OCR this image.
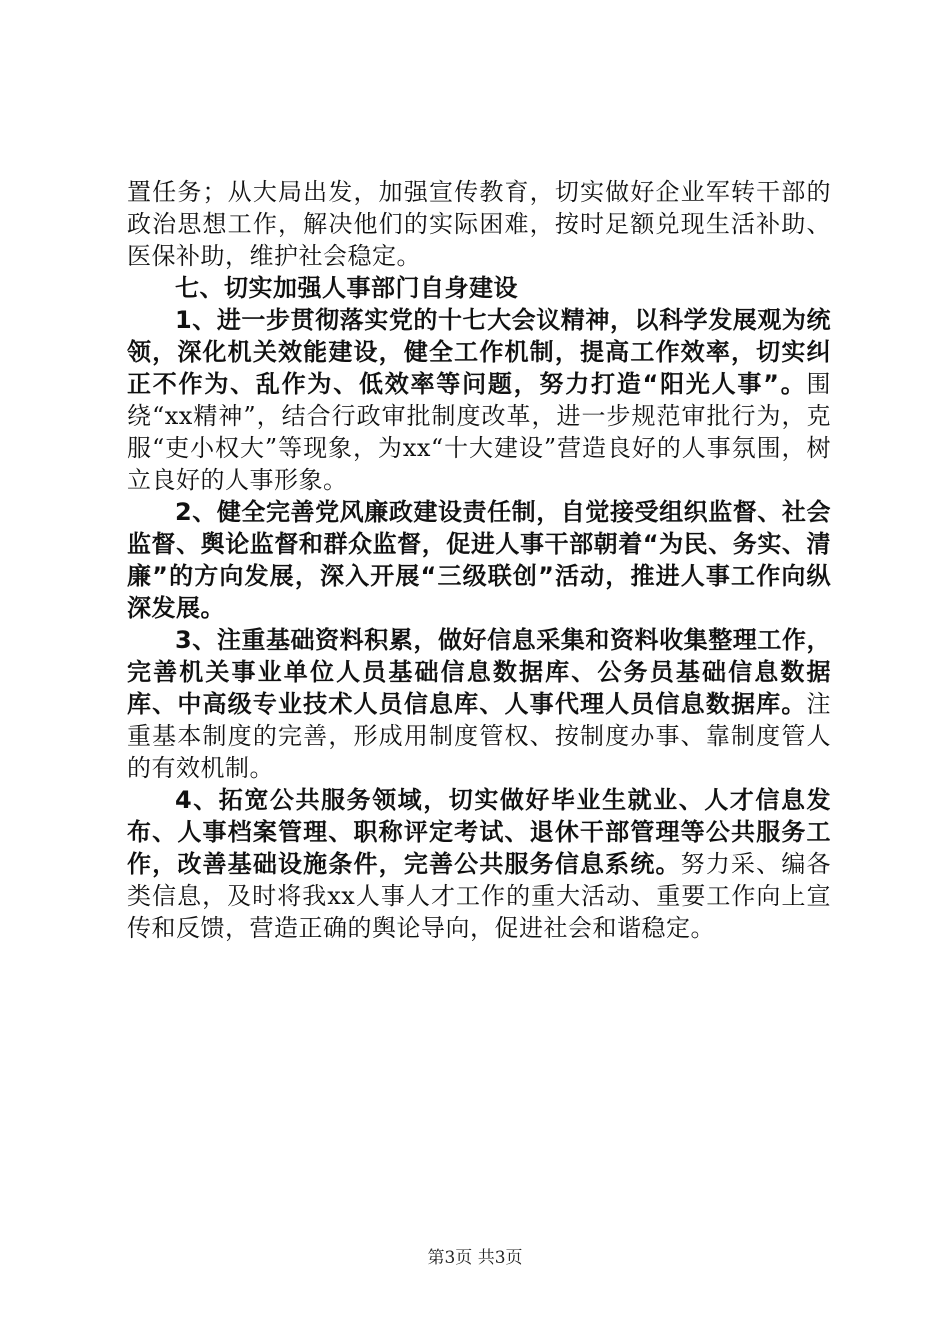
置任务；从大局出发，加强宣传教育，切实做好企业军转干部的政治思想工作，解决他们的实际困难，按时足额兑现生活补助、医保补助，维护社会稳定。

七、切实加强人事部门自身建设

1、进一步贯彻落实党的十七大会议精神，以科学发展观为统领，深化机关效能建设，健全工作机制，提高工作效率，切实纠正不作为、乱作为、低效率等问题，努力打造“阳光人事”。围绕“xx精神”，结合行政审批制度改革，进一步规范审批行为，克服“吏小权大”等现象，为xx“十大建设”营造良好的人事氛围，树立良好的人事形象。

2、健全完善党风廉政建设责任制，自觉接受组织监督、社会监督、舆论监督和群众监督，促进人事干部朝着“为民、务实、清廉”的方向发展，深入开展“三级联创”活动，推进人事工作向纵深发展。

3、注重基础资料积累，做好信息采集和资料收集整理工作，完善机关事业单位人员基础信息数据库、公务员基础信息数据库、中高级专业技术人员信息库、人事代理人员信息数据库。注重基本制度的完善，形成用制度管权、按制度办事、靠制度管人的有效机制。

4、拓宽公共服务领域，切实做好毕业生就业、人才信息发布、人事档案管理、职称评定考试、退休干部管理等公共服务工作，改善基础设施条件，完善公共服务信息系统。努力采、编各类信息，及时将我xx人事人才工作的重大活动、重要工作向上宣传和反馈，营造正确的舆论导向，促进社会和谐稳定。

第3页 共3页
